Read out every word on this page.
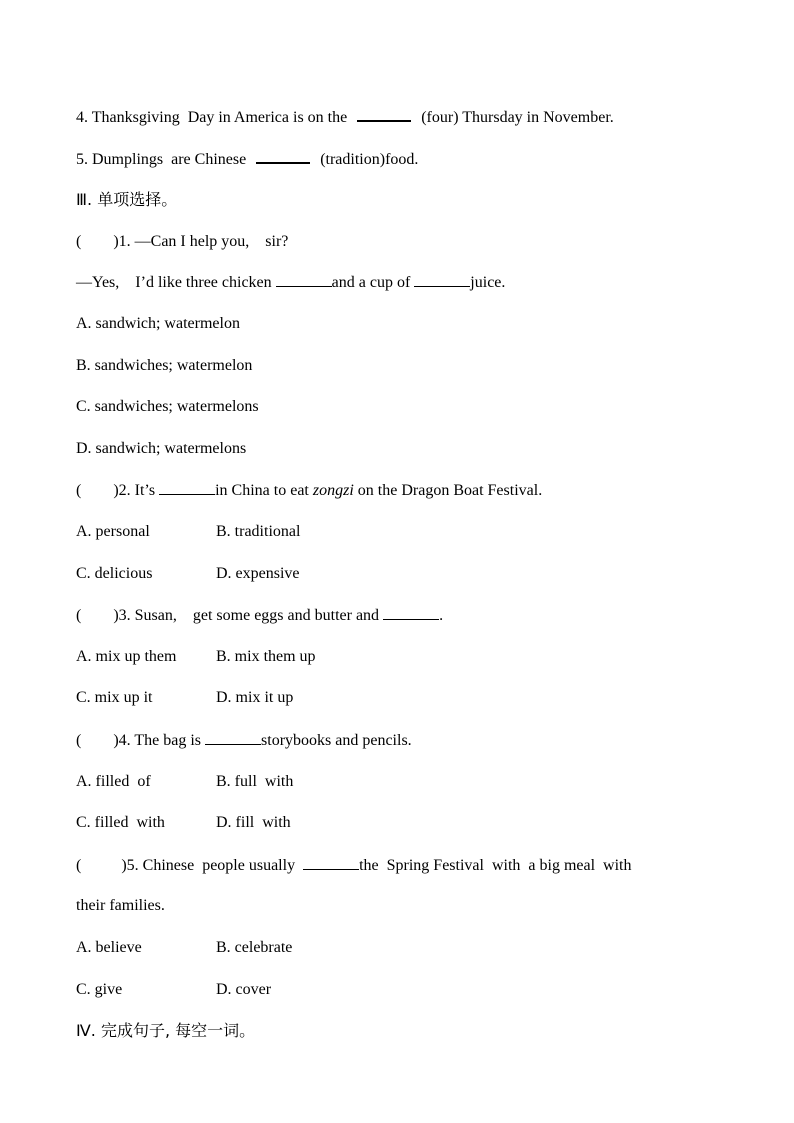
4. Thanksgiving  Day in America is on the	(four) Thursday in November.
5. Dumplings  are Chinese	(tradition)food.
Ⅲ. 单项选择。
(        )1. —Can I help you,    sir?
—Yes,    I’d like three chicken	and a cup of	juice.
A. sandwich; watermelon
B. sandwiches; watermelon
C. sandwiches; watermelons
D. sandwich; watermelons
(        )2. It’s	in China to eat zongzi on the Dragon Boat Festival.
A. personal	B. traditional
C. delicious	D. expensive
(        )3. Susan,    get some eggs and butter and	.
A. mix up them B. mix them up
C. mix up it	D. mix it up
(        )4. The bag is	storybooks and pencils.
A. filled  of	B. full  with
C. filled  with	D. fill  with
(          )5. Chinese  people usually	the  Spring Festival  with  a big meal  with
their families.
A. believe	B. celebrate
C. give	D. cover
Ⅳ. 完成句子, 每空一词。
